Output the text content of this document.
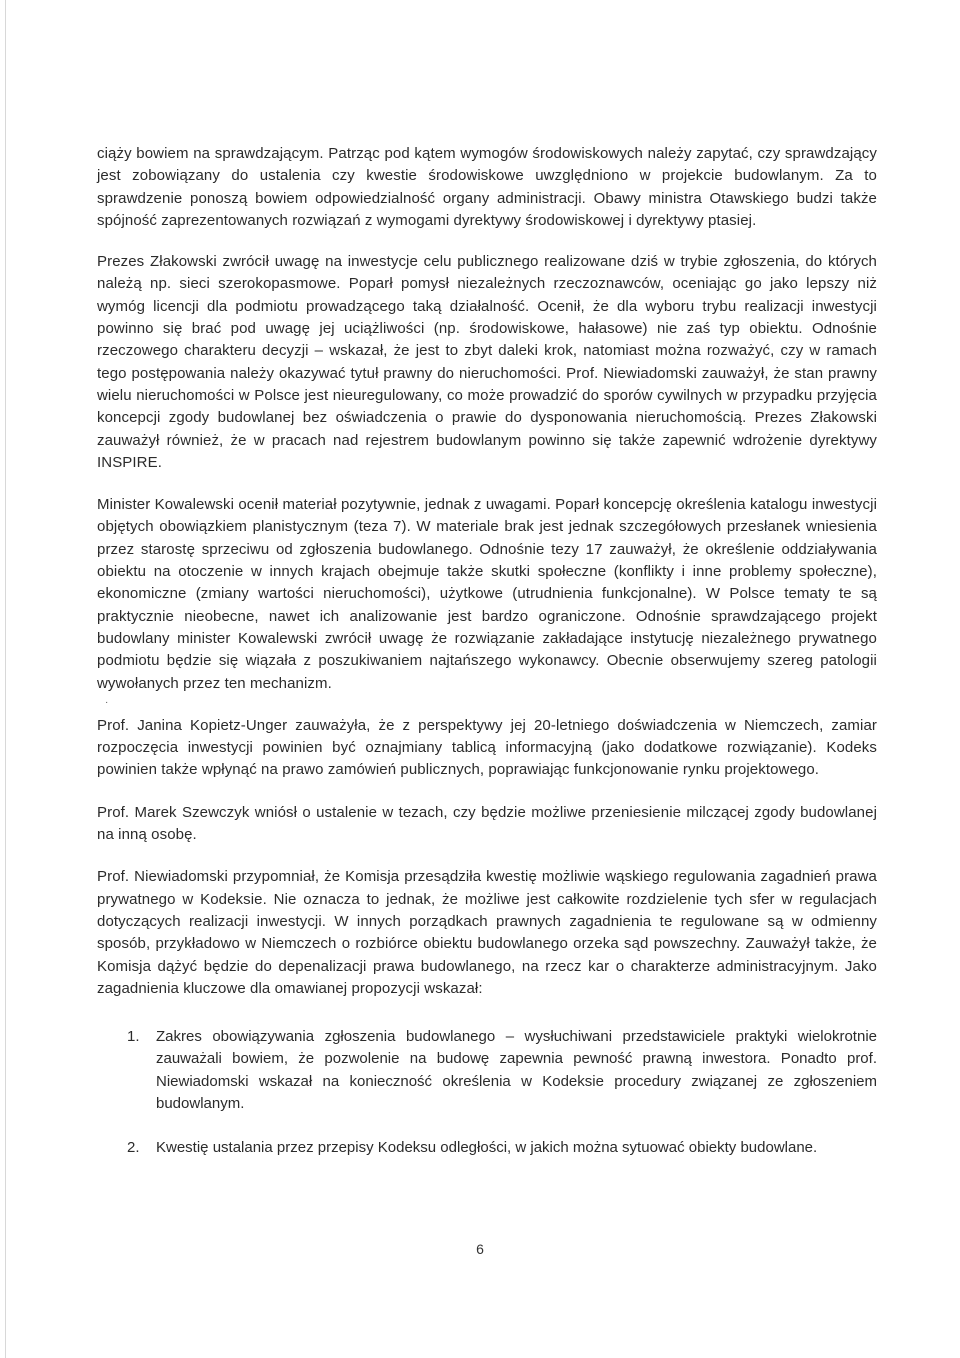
ciąży bowiem na sprawdzającym. Patrząc pod kątem wymogów środowiskowych należy zapytać, czy sprawdzający jest zobowiązany do ustalenia czy kwestie środowiskowe uwzględniono w projekcie budowlanym. Za to sprawdzenie ponoszą bowiem odpowiedzialność organy administracji. Obawy ministra Otawskiego budzi także spójność zaprezentowanych rozwiązań z wymogami dyrektywy środowiskowej i dyrektywy ptasiej.

Prezes Złakowski zwrócił uwagę na inwestycje celu publicznego realizowane dziś w trybie zgłoszenia, do których należą np. sieci szerokopasmowe. Poparł pomysł niezależnych rzeczoznawców, oceniając go jako lepszy niż wymóg licencji dla podmiotu prowadzącego taką działalność. Ocenił, że dla wyboru trybu realizacji inwestycji powinno się brać pod uwagę jej uciążliwości (np. środowiskowe, hałasowe) nie zaś typ obiektu. Odnośnie rzeczowego charakteru decyzji – wskazał, że jest to zbyt daleki krok, natomiast można rozważyć, czy w ramach tego postępowania należy okazywać tytuł prawny do nieruchomości. Prof. Niewiadomski zauważył, że stan prawny wielu nieruchomości w Polsce jest nieuregulowany, co może prowadzić do sporów cywilnych w przypadku przyjęcia koncepcji zgody budowlanej bez oświadczenia o prawie do dysponowania nieruchomością. Prezes Złakowski zauważył również, że w pracach nad rejestrem budowlanym powinno się także zapewnić wdrożenie dyrektywy INSPIRE.

Minister Kowalewski ocenił materiał pozytywnie, jednak z uwagami. Poparł koncepcję określenia katalogu inwestycji objętych obowiązkiem planistycznym (teza 7). W materiale brak jest jednak szczegółowych przesłanek wniesienia przez starostę sprzeciwu od zgłoszenia budowlanego. Odnośnie tezy 17 zauważył, że określenie oddziaływania obiektu na otoczenie w innych krajach obejmuje także skutki społeczne (konflikty i inne problemy społeczne), ekonomiczne (zmiany wartości nieruchomości), użytkowe (utrudnienia funkcjonalne). W Polsce tematy te są praktycznie nieobecne, nawet ich analizowanie jest bardzo ograniczone. Odnośnie sprawdzającego projekt budowlany minister Kowalewski zwrócił uwagę że rozwiązanie zakładające instytucję niezależnego prywatnego podmiotu będzie się wiązała z poszukiwaniem najtańszego wykonawcy. Obecnie obserwujemy szereg patologii wywołanych przez ten mechanizm.

·

Prof. Janina Kopietz-Unger zauważyła, że z perspektywy jej 20-letniego doświadczenia w Niemczech, zamiar rozpoczęcia inwestycji powinien być oznajmiany tablicą informacyjną (jako dodatkowe rozwiązanie). Kodeks powinien także wpłynąć na prawo zamówień publicznych, poprawiając funkcjonowanie rynku projektowego.

Prof. Marek Szewczyk wniósł o ustalenie w tezach, czy będzie możliwe przeniesienie milczącej zgody budowlanej na inną osobę.

Prof. Niewiadomski przypomniał, że Komisja przesądziła kwestię możliwie wąskiego regulowania zagadnień prawa prywatnego w Kodeksie. Nie oznacza to jednak, że możliwe jest całkowite rozdzielenie tych sfer w regulacjach dotyczących realizacji inwestycji. W innych porządkach prawnych zagadnienia te regulowane są w odmienny sposób, przykładowo w Niemczech o rozbiórce obiektu budowlanego orzeka sąd powszechny. Zauważył także, że Komisja dążyć będzie do depenalizacji prawa budowlanego, na rzecz kar o charakterze administracyjnym. Jako zagadnienia kluczowe dla omawianej propozycji wskazał:

1. Zakres obowiązywania zgłoszenia budowlanego – wysłuchiwani przedstawiciele praktyki wielokrotnie zauważali bowiem, że pozwolenie na budowę zapewnia pewność prawną inwestora. Ponadto prof. Niewiadomski wskazał na konieczność określenia w Kodeksie procedury związanej ze zgłoszeniem budowlanym.
2. Kwestię ustalania przez przepisy Kodeksu odległości, w jakich można sytuować obiekty budowlane.
6
